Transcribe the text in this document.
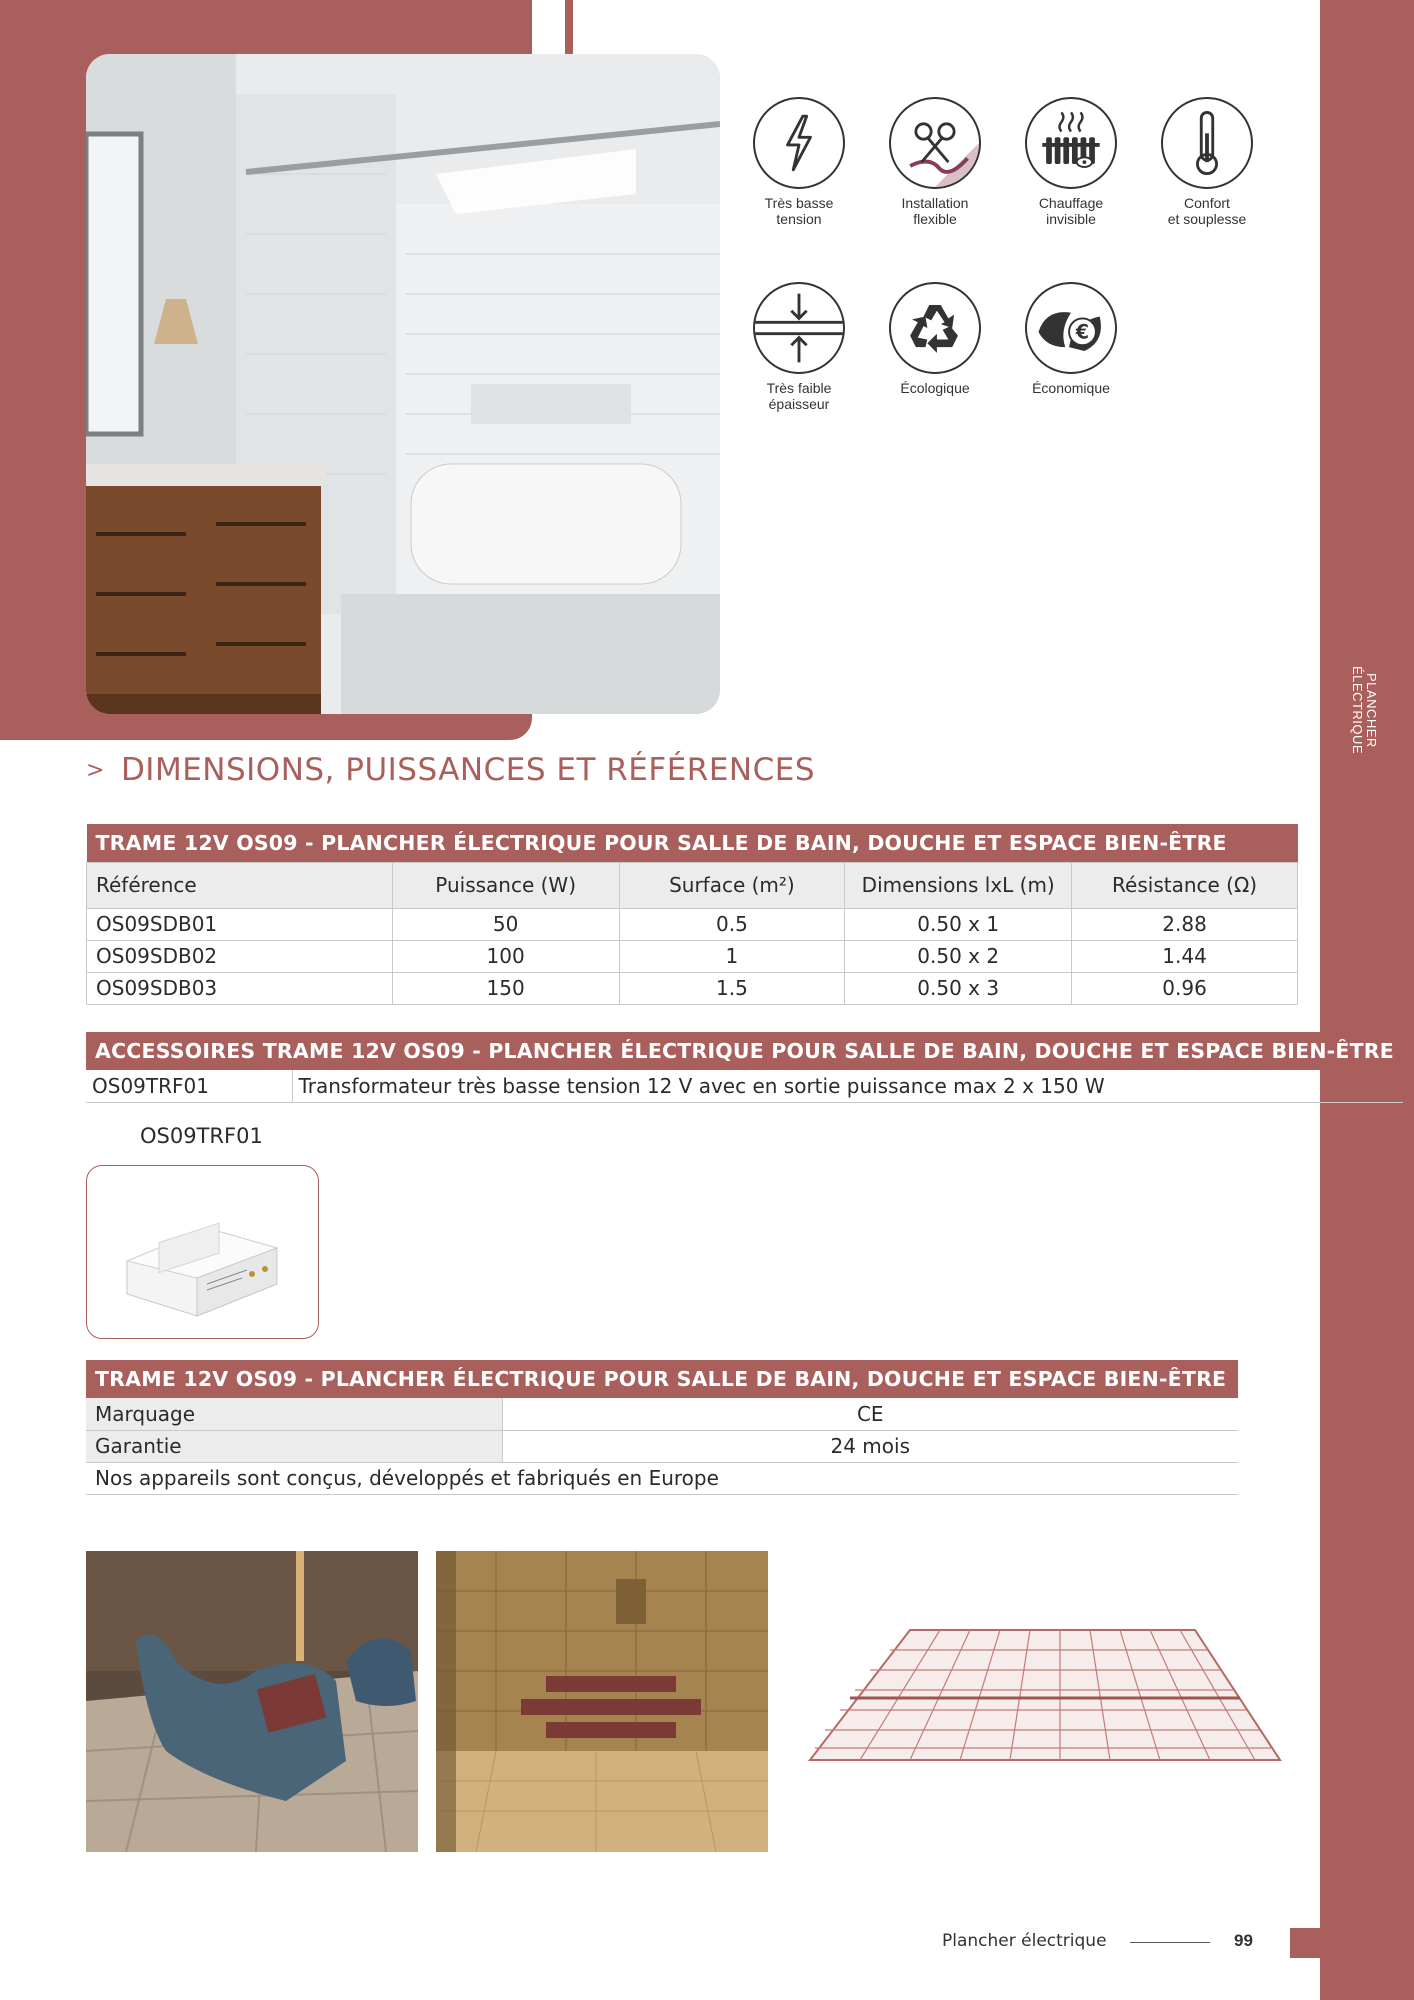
PLANCHER
ÉLECTRIQUE
Très basse
tension
Installation
flexible
Chauffage
invisible
Confort
et souplesse
Très faible
épaisseur
Écologique
€
Économique
> DIMENSIONS, PUISSANCES ET RÉFÉRENCES
TRAME 12V OS09 - PLANCHER ÉLECTRIQUE POUR SALLE DE BAIN, DOUCHE ET ESPACE BIEN-ÊTRE				
Référence	Puissance (W)	Surface (m²)	Dimensions lxL (m)	Résistance (Ω)
OS09SDB01	50	0.5	0.50 x 1	2.88
OS09SDB02	100	1	0.50 x 2	1.44
OS09SDB03	150	1.5	0.50 x 3	0.96
ACCESSOIRES TRAME 12V OS09 - PLANCHER ÉLECTRIQUE POUR SALLE DE BAIN, DOUCHE ET ESPACE BIEN-ÊTRE
OS09TRF01	Transformateur très basse tension 12 V avec en sortie puissance max 2 x 150 W
OS09TRF01
TRAME 12V OS09 - PLANCHER ÉLECTRIQUE POUR SALLE DE BAIN, DOUCHE ET ESPACE BIEN-ÊTRE	
Marquage	CE
Garantie	24 mois
Nos appareils sont conçus, développés et fabriqués en Europe	
Plancher électrique	99
